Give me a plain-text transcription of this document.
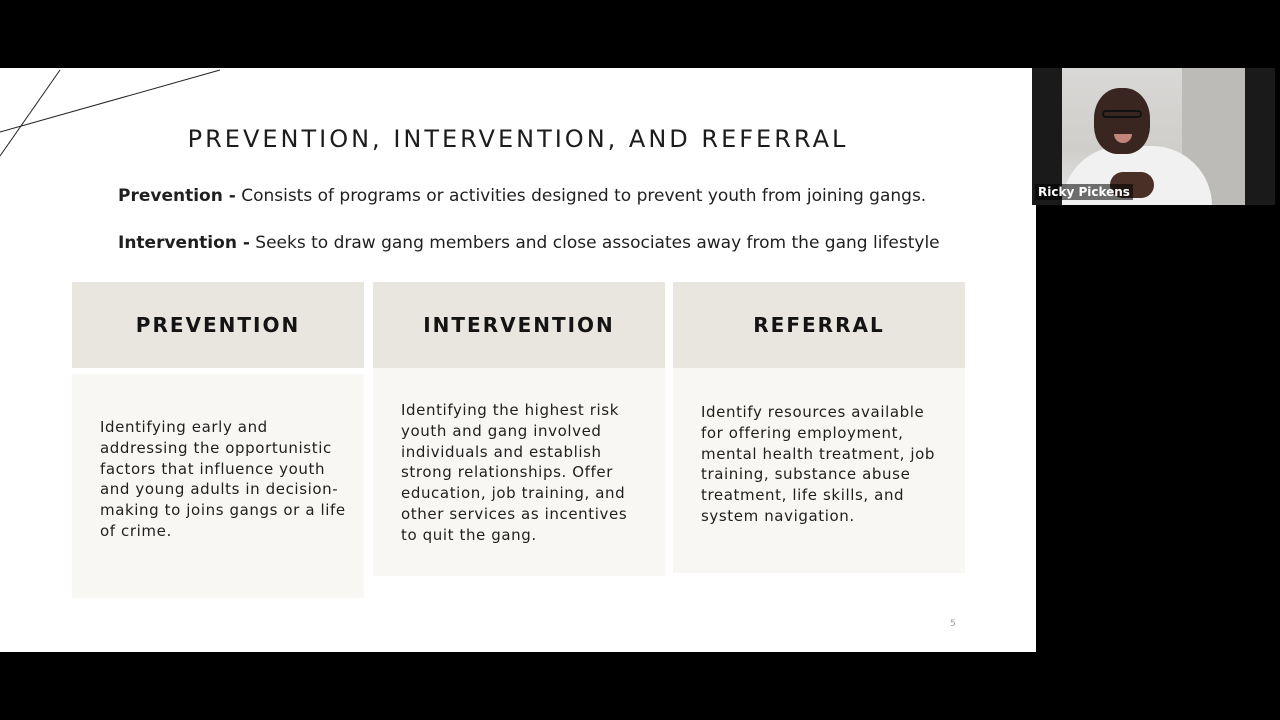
PREVENTION, INTERVENTION, AND REFERRAL
Prevention - Consists of programs or activities designed to prevent youth from joining gangs.
Intervention - Seeks to draw gang members and close associates away from the gang lifestyle
PREVENTION
Identifying early and addressing the opportunistic factors that influence youth and young adults in decision-making to joins gangs or a life of crime.
INTERVENTION
Identifying the highest risk youth and gang involved individuals and establish strong relationships. Offer education, job training, and other services as incentives to quit the gang.
REFERRAL
Identify resources available for offering employment, mental health treatment, job training, substance abuse treatment, life skills, and system navigation.
5
Ricky Pickens
